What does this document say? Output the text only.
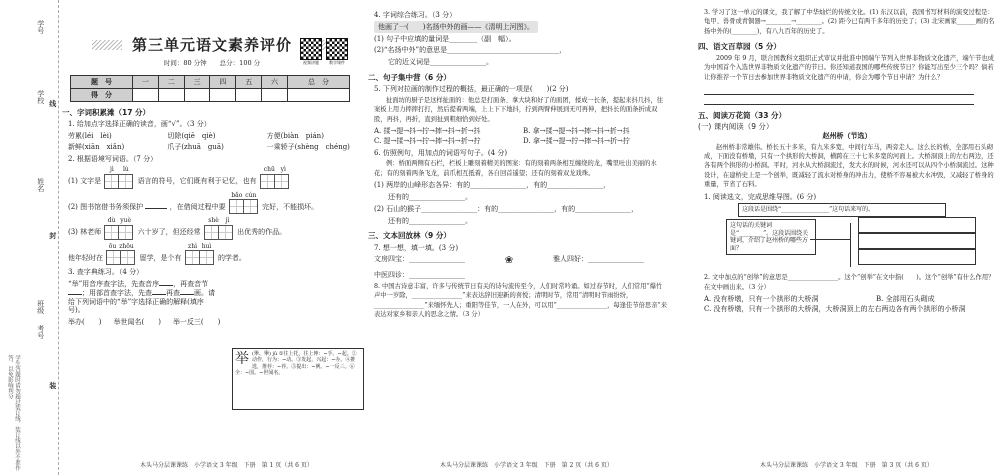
学校
班级
姓名
考号
学号
线
封
装
学生答题时请勿超过装订线，装订线以外不准作答，以免影响判分
第三单元语文素养评价
视频讲题	教学课件
时间：80 分钟　　总分：100 分
题　号	一	二	三	四	五	六	总　分
得　分							
一、字词积累滩（17 分）
1. 给加点字选择正确的读音，画“√”。（3 分）
劳累(léi　lèi)	切除(qiē　qiè)	方便(biàn　pián)
新鲜(xiān　xiǎn)	爪子(zhuā　guā)	一乘轿子(shèng　chéng)
2. 根据语境写词语。（7 分）
(1) 文字是
jì lù
语言的符号，它们既有利于记忆，也有
chū yì
(2) 图书馆借书务须保护	，在借阅过程中要
bǎo cún
完好，不能损坏。
(3) 林老师
dù yuè
六十岁了，但还经常
shè jì
出优秀的作品。
他年轻时在
ōu zhōu
留学，是个有
zhì huì
的学者。
3. 查字典练习。（4 分）
“举”用音序查字法，先查音序 ，再查音节；用部首查字法，先查 再查 画。请给下列词语中的“举”字选择正确的解释(填序号)。
举办(　　) 举世闻名(　　) 举一反三(　　)
举 (舉、擧) jǔ ①往上托，往上伸：~手。~起。②动作，行为：~动。③发起，兴起：~办。④推选，推荐：~荐。⑤提出：~例。~一反三。⑥全：~国。~世闻名。
木头马分层课课练　小学语文 3 年级　下册　第 1 页（共 6 页）
4. 字词综合练习。（3 分）
他画了一(　　)名扬中外的画——《清明上河图》。
(1) 句子中应填的量词是________（副　幅）。
(2)“名扬中外”的意思是________________________________，
　　它的近义词是________________。
二、句子集中营（6 分）
5. 下列对拉画的制作过程的概括，最正确的一项是(　　)(2 分)
扯面坊的厨子是这样扯面的：他总是打面条、拿大块和好了的面团，揉成一长条，提起来抖几抖，往案板上用力摔摔打打，然后提着两端，上上下下地抖，拧到两臂伸展到无可再伸，把抖长的面条折成双股，再抖，再折，直到扯到粗细恰到好处。
A. 揉→提→抖→拧→摔→抖→折→抖	B. 拿→揉→提→抖→摔→抖→折→抖
C. 提→揉→抖→拧→摔→抖→折→拧	D. 拿→揉→提→拧→摔→抖→折→拧
6. 仿照例句，用加点的词语写句子。(4 分)
例：桥面两侧有石栏，栏板上雕刻着精美的图案：有的刻着两条相互缠绕的龙，嘴里吐出美丽的水花；有的刻着两条飞龙，前爪相互抵着，各自回首遥望；还有的刻着双龙戏珠。
(1) 两岸的山峰形态各异：有的________________，有的________________，
　　还有的________________。
(2) 石山的猴子________________：有的________________，有的________________，
　　还有的________________。
三、文本回放林（9 分）
7. 想一想，填一填。(3 分)
文房四宝：________________	❀	雅人四好：________________
中医四诊：________________
8. 中国古诗意丰富，许多与传统节日有关的诗句流传至今，人们时常吟诵。如过春节时，人们常用“爆竹声中一岁除，________________”来表达辞旧迎新的喜悦；清明时节，常用“清明时节雨纷纷，________________”来缅怀先人；重阳等佳节，一人在外，可以用“________________，每逢佳节倍思亲”来表达对家乡和亲人的思念之情。（3 分）
木头马分层课课练　小学语文 3 年级　下册　第 2 页（共 6 页）
3. 学习了这一单元的课文，我了解了中华灿烂的传统文化。(1) 东汉以前，我国书写材料的演变过程是：龟甲、兽骨或青铜器→________→________。(2) 距今已有两千多年的历史了；(3) 北宋画家______画的名扬中外的(________)，有八九百年的历史了。
四、语文百草园（5 分）
2009 年 9 月，联合国教科文组织正式审议并批准中国端午节列入世界非物质文化遗产，端午节也成为中国首个入选世界非物质文化遗产的节日。你还知道我国的哪些传统节日？你能写出至少三个吗？倘若让你推荐一个节日去参加世界非物质文化遗产的申请，你会为哪个节日申请？为什么？
五、阅读万花筒（33 分）
(一) 课内阅读（9 分）
赵州桥（节选）
赵州桥非常雄伟。桥长五十多米，有九米多宽，中间行车马，两旁走人。这么长的桥，全部用石头砌成，下面没有桥墩，只有一个拱形的大桥洞，横跨在三十七米多宽的河面上。大桥洞顶上的左右两边，还各有两个拱形的小桥洞。平时，河水从大桥洞流过，发大水的时候，河水还可以从四个小桥洞流过。这种设计，在建桥史上是一个创举，既减轻了流水对桥身的冲击力，使桥不容易被大水冲毁，又减轻了桥身的重量，节省了石料。
1. 阅读选文，完成思维导图。(6 分)
这段话是围绕“________________”这句话来写的。
这句话的关键词是“________”。这段话围绕关键词，介绍了赵州桥的哪些方面？
2. 文中加点的“创举”的意思是________________。这个“创举”在文中指(　　)。这个“创举”有什么作用？在文中画出来。（3 分）
A. 没有桥墩，只有一个拱形的大桥洞	B. 全部用石头砌成
C. 没有桥墩，只有一个拱形的大桥洞，大桥洞顶上的左右两边各有两个拱形的小桥洞
木头马分层课课练　小学语文 3 年级　下册　第 3 页（共 6 页）
